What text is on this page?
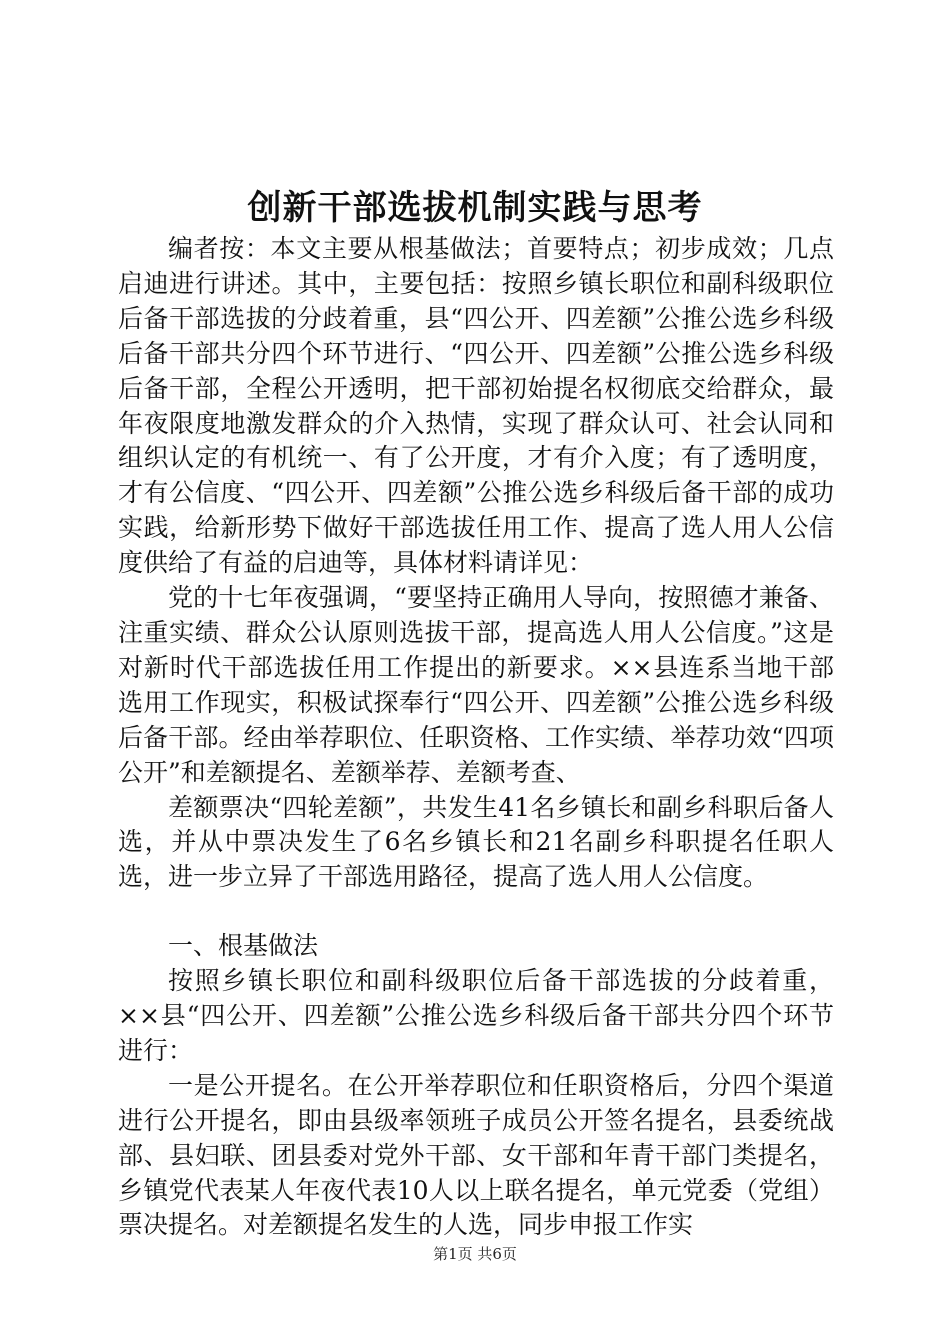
创新干部选拔机制实践与思考

编者按：本文主要从根基做法；首要特点；初步成效；几点启迪进行讲述。其中，主要包括：按照乡镇长职位和副科级职位后备干部选拔的分歧着重，县“四公开、四差额”公推公选乡科级后备干部共分四个环节进行、“四公开、四差额”公推公选乡科级后备干部，全程公开透明，把干部初始提名权彻底交给群众，最年夜限度地激发群众的介入热情，实现了群众认可、社会认同和组织认定的有机统一、有了公开度，才有介入度；有了透明度，才有公信度、“四公开、四差额”公推公选乡科级后备干部的成功实践，给新形势下做好干部选拔任用工作、提高了选人用人公信度供给了有益的启迪等，具体材料请详见：

党的十七年夜强调，“要坚持正确用人导向，按照德才兼备、注重实绩、群众公认原则选拔干部，提高选人用人公信度。”这是对新时代干部选拔任用工作提出的新要求。××县连系当地干部选用工作现实，积极试探奉行“四公开、四差额”公推公选乡科级后备干部。经由举荐职位、任职资格、工作实绩、举荐功效“四项公开”和差额提名、差额举荐、差额考查、

差额票决“四轮差额”，共发生41名乡镇长和副乡科职后备人选，并从中票决发生了6名乡镇长和21名副乡科职提名任职人选，进一步立异了干部选用路径，提高了选人用人公信度。

一、根基做法

按照乡镇长职位和副科级职位后备干部选拔的分歧着重，××县“四公开、四差额”公推公选乡科级后备干部共分四个环节进行：

一是公开提名。在公开举荐职位和任职资格后，分四个渠道进行公开提名，即由县级率领班子成员公开签名提名，县委统战部、县妇联、团县委对党外干部、女干部和年青干部门类提名，乡镇党代表某人年夜代表10人以上联名提名，单元党委（党组）票决提名。对差额提名发生的人选，同步申报工作实

第1页 共6页
